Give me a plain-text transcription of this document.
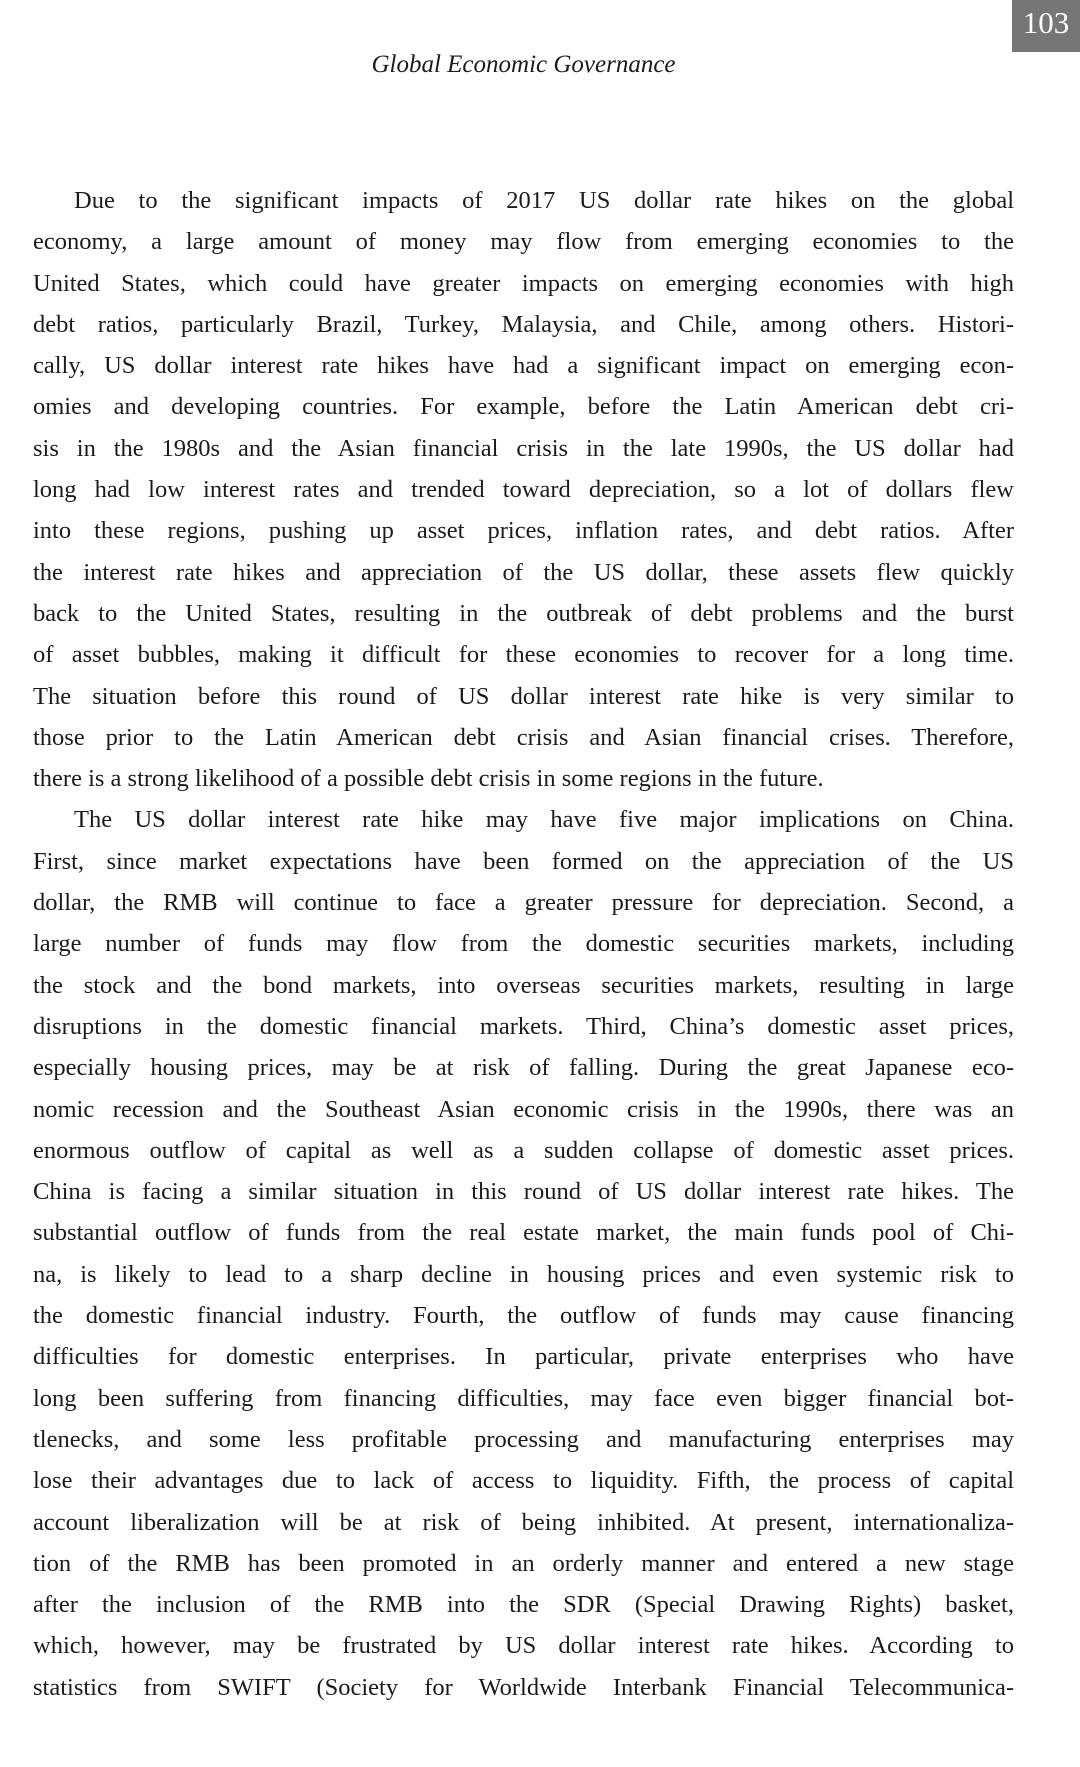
103
Global Economic Governance
Due to the significant impacts of 2017 US dollar rate hikes on the global
economy, a large amount of money may flow from emerging economies to the
United States, which could have greater impacts on emerging economies with high
debt ratios, particularly Brazil, Turkey, Malaysia, and Chile, among others. Histori-
cally, US dollar interest rate hikes have had a significant impact on emerging econ-
omies and developing countries. For example, before the Latin American debt cri-
sis in the 1980s and the Asian financial crisis in the late 1990s, the US dollar had
long had low interest rates and trended toward depreciation, so a lot of dollars flew
into these regions, pushing up asset prices, inflation rates, and debt ratios. After
the interest rate hikes and appreciation of the US dollar, these assets flew quickly
back to the United States, resulting in the outbreak of debt problems and the burst
of asset bubbles, making it difficult for these economies to recover for a long time.
The situation before this round of US dollar interest rate hike is very similar to
those prior to the Latin American debt crisis and Asian financial crises. Therefore,
there is a strong likelihood of a possible debt crisis in some regions in the future.
The US dollar interest rate hike may have five major implications on China.
First, since market expectations have been formed on the appreciation of the US
dollar, the RMB will continue to face a greater pressure for depreciation. Second, a
large number of funds may flow from the domestic securities markets, including
the stock and the bond markets, into overseas securities markets, resulting in large
disruptions in the domestic financial markets. Third, China’s domestic asset prices,
especially housing prices, may be at risk of falling. During the great Japanese eco-
nomic recession and the Southeast Asian economic crisis in the 1990s, there was an
enormous outflow of capital as well as a sudden collapse of domestic asset prices.
China is facing a similar situation in this round of US dollar interest rate hikes. The
substantial outflow of funds from the real estate market, the main funds pool of Chi-
na, is likely to lead to a sharp decline in housing prices and even systemic risk to
the domestic financial industry. Fourth, the outflow of funds may cause financing
difficulties for domestic enterprises. In particular, private enterprises who have
long been suffering from financing difficulties, may face even bigger financial bot-
tlenecks, and some less profitable processing and manufacturing enterprises may
lose their advantages due to lack of access to liquidity. Fifth, the process of capital
account liberalization will be at risk of being inhibited. At present, internationaliza-
tion of the RMB has been promoted in an orderly manner and entered a new stage
after the inclusion of the RMB into the SDR (Special Drawing Rights) basket,
which, however, may be frustrated by US dollar interest rate hikes. According to
statistics from SWIFT (Society for Worldwide Interbank Financial Telecommunica-
